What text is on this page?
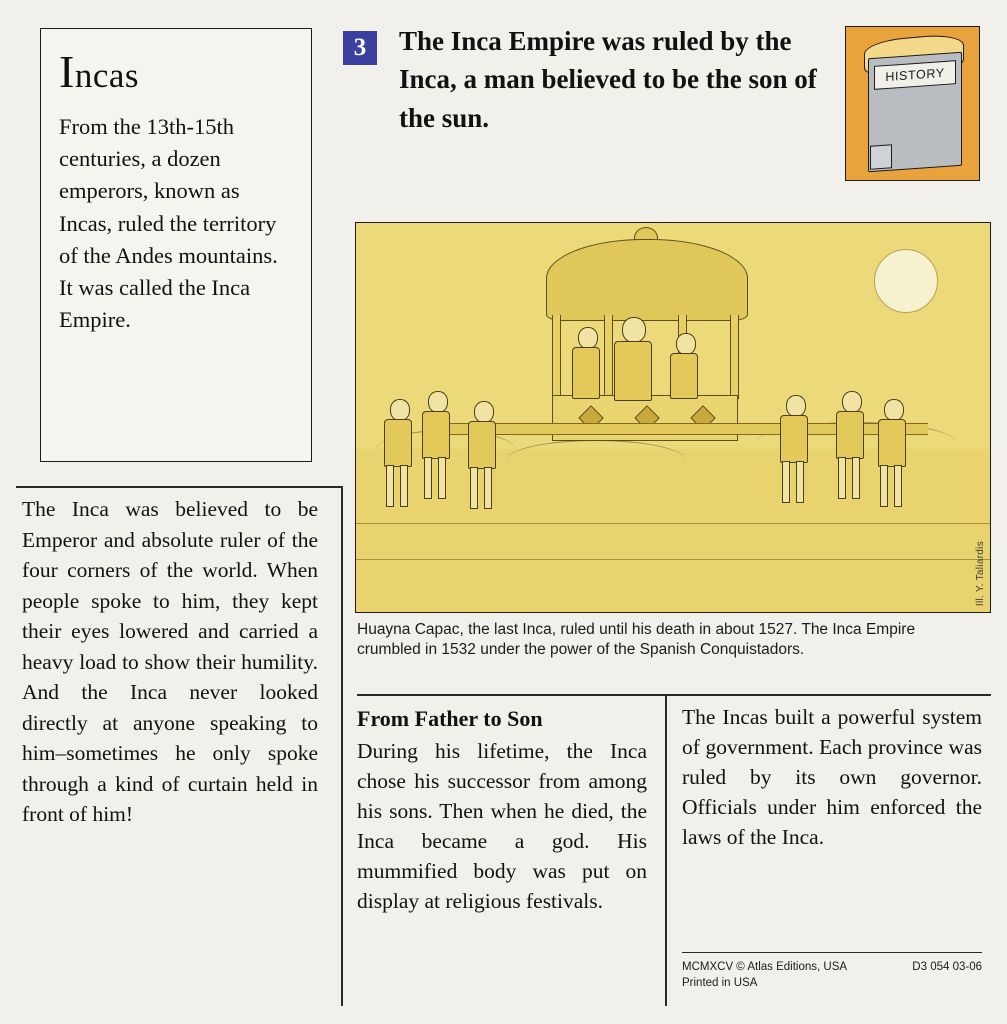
Incas
From the 13th-15th centuries, a dozen emperors, known as Incas, ruled the territory of the Andes mountains. It was called the Inca Empire.
The Inca was believed to be Emperor and absolute ruler of the four corners of the world. When people spoke to him, they kept their eyes lowered and carried a heavy load to show their humility. And the Inca never looked directly at anyone speaking to him–sometimes he only spoke through a kind of curtain held in front of him!
3	The Inca Empire was ruled by the Inca, a man believed to be the son of the sun.
HISTORY
Ill. Y. Taliardis
Huayna Capac, the last Inca, ruled until his death in about 1527. The Inca Empire crumbled in 1532 under the power of the Spanish Conquistadors.
From Father to Son
During his lifetime, the Inca chose his successor from among his sons. Then when he died, the Inca became a god. His mummified body was put on display at religious festivals.
The Incas built a powerful system of government. Each province was ruled by its own governor. Officials under him enforced the laws of the Inca.
MCMXCV © Atlas Editions, USA	D3 054 03-06
Printed in USA
